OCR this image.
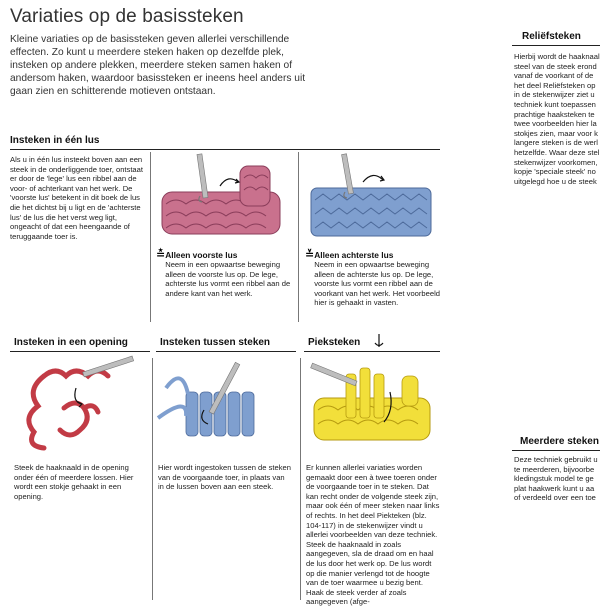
Variaties op de basissteken
Kleine variaties op de basissteken geven allerlei verschillende effecten. Zo kunt u meerdere steken haken op dezelfde plek, insteken op andere plekken, meerdere steken samen haken of andersom haken, waardoor basissteken er ineens heel anders uit gaan zien en schitterende motieven ontstaan.
Insteken in één lus
Als u in één lus insteekt boven aan een steek in de onderliggende toer, ontstaat er door de 'lege' lus een ribbel aan de voor- of achterkant van het werk. De 'voorste lus' betekent in dit boek de lus die het dichtst bij u ligt en de 'achterste lus' de lus die het verst weg ligt, ongeacht of dat een heengaande of teruggaande toer is.
≛ Alleen voorste lus
Neem in een opwaartse beweging alleen de voorste lus op. De lege, achterste lus vormt een ribbel aan de andere kant van het werk.
≚ Alleen achterste lus
Neem in een opwaartse beweging alleen de achterste lus op. De lege, voorste lus vormt een ribbel aan de voorkant van het werk. Het voorbeeld hier is gehaakt in vasten.
Insteken in een opening	Insteken tussen steken	Pieksteken
Steek de haaknaald in de opening onder één of meerdere lossen. Hier wordt een stokje gehaakt in een opening.
Hier wordt ingestoken tussen de steken van de voorgaande toer, in plaats van in de lussen boven aan een steek.
Er kunnen allerlei variaties worden gemaakt door een à twee toeren onder de voorgaande toer in te steken. Dat kan recht onder de volgende steek zijn, maar ook één of meer steken naar links of rechts. In het deel Piekteken (blz. 104-117) in de stekenwijzer vindt u allerlei voorbeelden van deze techniek. Steek de haaknaald in zoals aangegeven, sla de draad om en haal de lus door het werk op. De lus wordt op die manier verlengd tot de hoogte van de toer waarmee u bezig bent. Haak de steek verder af zoals aangegeven (afge-
Reliëfsteken
Hierbij wordt de haaknaal
steel van de steek erond
vanaf de voorkant of de
het deel Reliëfsteken op
in de stekenwijzer ziet u
techniek kunt toepassen
prachtige haaksteken te
twee voorbeelden hier la
stokjes zien, maar voor k
langere steken is de werl
hetzelfde. Waar deze stel
stekenwijzer voorkomen,
kopje 'speciale steek' no
uitgelegd hoe u de steek
Meerdere steken
Deze techniek gebruikt u
te meerderen, bijvoorbe
kledingstuk model te ge
plat haakwerk kunt u aa
of verdeeld over een toe
